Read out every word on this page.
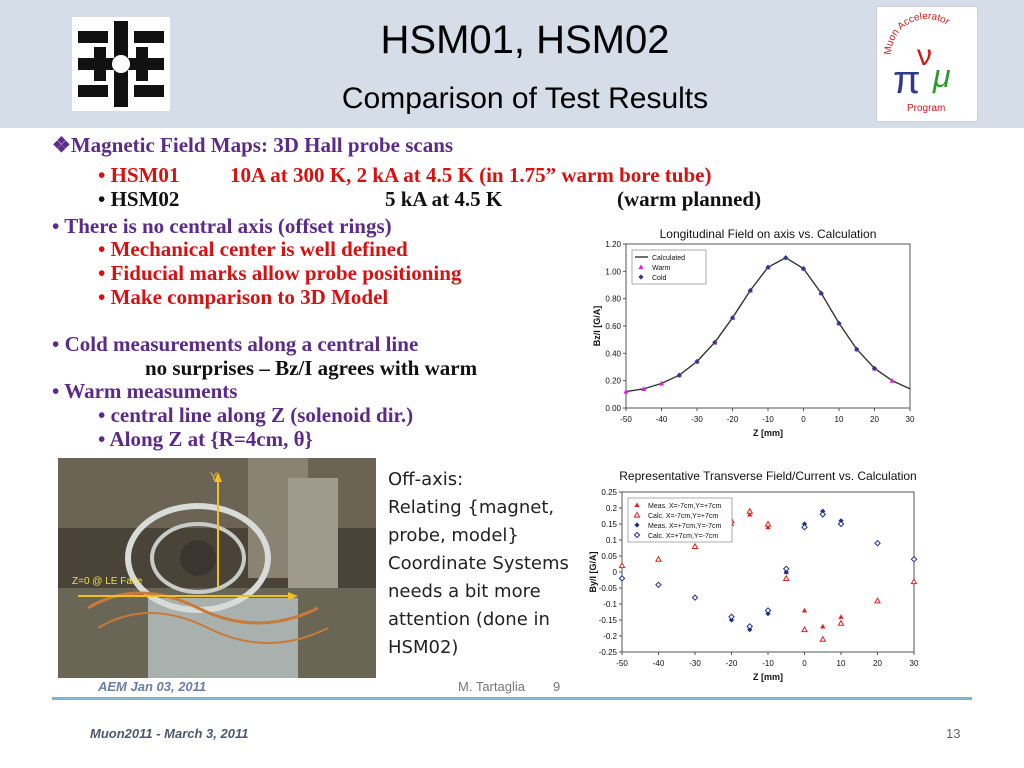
HSM01, HSM02
Comparison of Test Results
Muon Accelerator
π
ν
μ
Program
❖Magnetic Field Maps: 3D Hall probe scans
• HSM01 10A at 300 K, 2 kA at 4.5 K (in 1.75” warm bore tube)
• HSM02	5 kA at 4.5 K	(warm planned)
• There is no central axis (offset rings)
• Mechanical center is well defined
• Fiducial marks allow probe positioning
• Make comparison to 3D Model
• Cold measurements along a central line
no surprises – Bz/I agrees with warm
• Warm measuments
• central line along Z (solenoid dir.)
• Along Z at {R=4cm, θ}
Longitudinal Field on axis vs. Calculation
-50	-40	-30	-20	-10	0	10	20	30
0.00
0.20
0.40
0.60
0.80
1.00
1.20
Z [mm]
Bz/I [G/A]
Calculated
Warm
Cold
Representative Transverse Field/Current vs. Calculation
-50	-40	-30	-20	-10	0	10	20	30
0.25
0.2
0.15
0.1
0.05
0
-0.05
-0.1
-0.15
-0.2
-0.25
Z [mm]
By/I [G/A]
Meas. X=-7cm,Y=+7cm
Calc. X=-7cm,Y=+7cm
Meas. X=+7cm,Y=-7cm
Calc. X=+7cm,Y=-7cm
Y
Z=0 @ LE Face
Off-axis:
Relating {magnet,
probe, model}
Coordinate Systems
needs a bit more
attention (done in
HSM02)
AEM Jan 03, 2011	M. Tartaglia 9
Muon2011 - March 3, 2011	13
